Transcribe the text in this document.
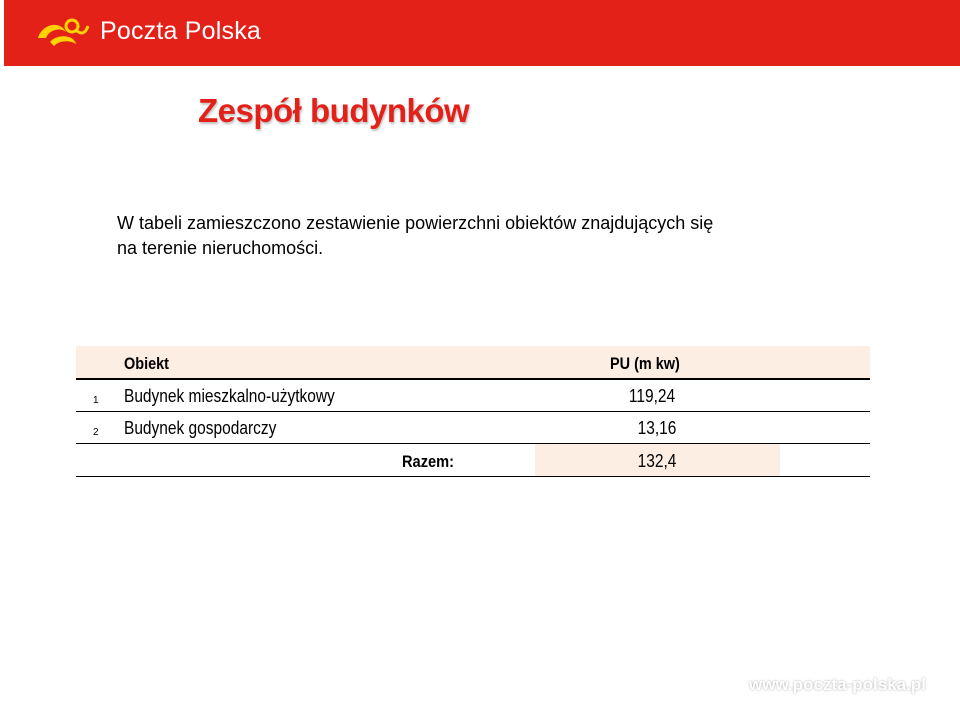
Poczta Polska
Zespół budynków
W tabeli zamieszczono zestawienie powierzchni obiektów znajdujących się
na terenie nieruchomości.
Obiekt	PU (m kw)
1 Budynek mieszkalno-użytkowy	119,24
2 Budynek gospodarczy	13,16
Razem:	132,4
www.poczta-polska.pl
